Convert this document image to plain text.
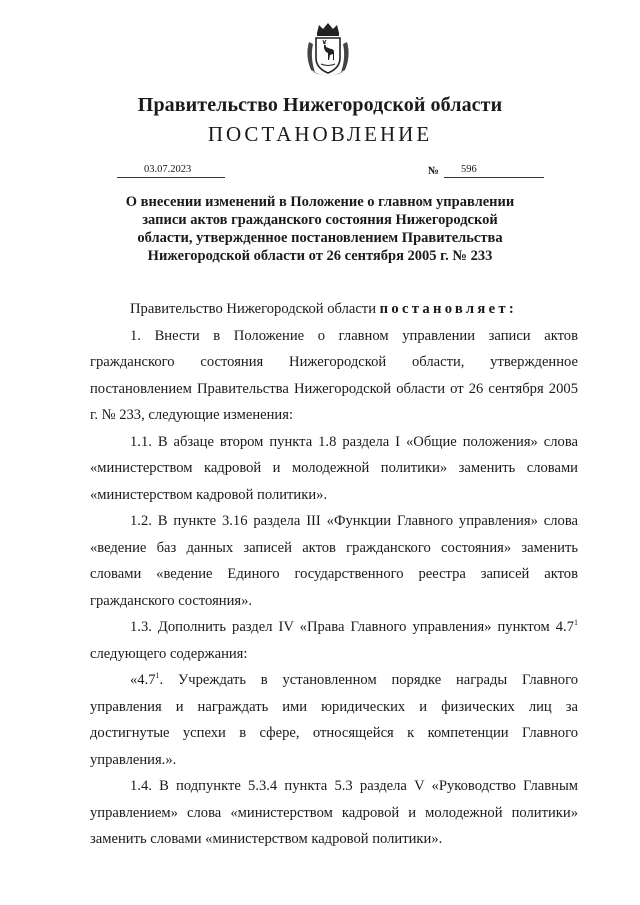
Правительство Нижегородской области
ПОСТАНОВЛЕНИЕ
03.07.2023	№	596
О внесении изменений в Положение о главном управлении
записи актов гражданского состояния Нижегородской
области, утвержденное постановлением Правительства
Нижегородской области от 26 сентября 2005 г. № 233

Правительство Нижегородской области постановляет:

1. Внести в Положение о главном управлении записи актов гражданского состояния Нижегородской области, утвержденное постановлением Правительства Нижегородской области от 26 сентября 2005 г. № 233, следующие изменения:

1.1. В абзаце втором пункта 1.8 раздела I «Общие положения» слова «министерством кадровой и молодежной политики» заменить словами «министерством кадровой политики».

1.2. В пункте 3.16 раздела III «Функции Главного управления» слова «ведение баз данных записей актов гражданского состояния» заменить словами «ведение Единого государственного реестра записей актов гражданского состояния».

1.3. Дополнить раздел IV «Права Главного управления» пунктом $4.7^1$ следующего содержания:

«$4.7^1$. Учреждать в установленном порядке награды Главного управления и награждать ими юридических и физических лиц за достигнутые успехи в сфере, относящейся к компетенции Главного управления.».

1.4. В подпункте 5.3.4 пункта 5.3 раздела V «Руководство Главным управлением» слова «министерством кадровой и молодежной политики» заменить словами «министерством кадровой политики».
